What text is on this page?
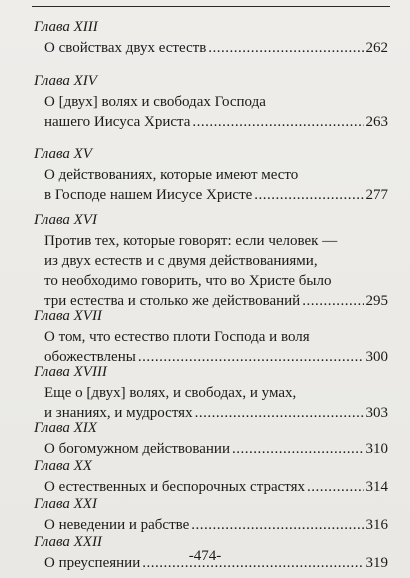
Глава XIII
О свойствах двух естеств .....	262
Глава XIV
О [двух] волях и свободах Господа
нашего Иисуса Христа .....	263
Глава XV
О действованиях, которые имеют место
в Господе нашем Иисусе Христе .....	277
Глава XVI
Против тех, которые говорят: если человек —
из двух естеств и с двумя действованиями,
то необходимо говорить, что во Христе было
три естества и столько же действований .....	295
Глава XVII
О том, что естество плоти Господа и воля
обожествлены .....	300
Глава XVIII
Еще о [двух] волях, и свободах, и умах,
и знаниях, и мудростях .....	303
Глава XIX
О богомужном действовании .....	310
Глава XX
О естественных и беспорочных страстях .....	314
Глава XXI
О неведении и рабстве .....	316
Глава XXII
О преуспеянии .....	319
-474-
